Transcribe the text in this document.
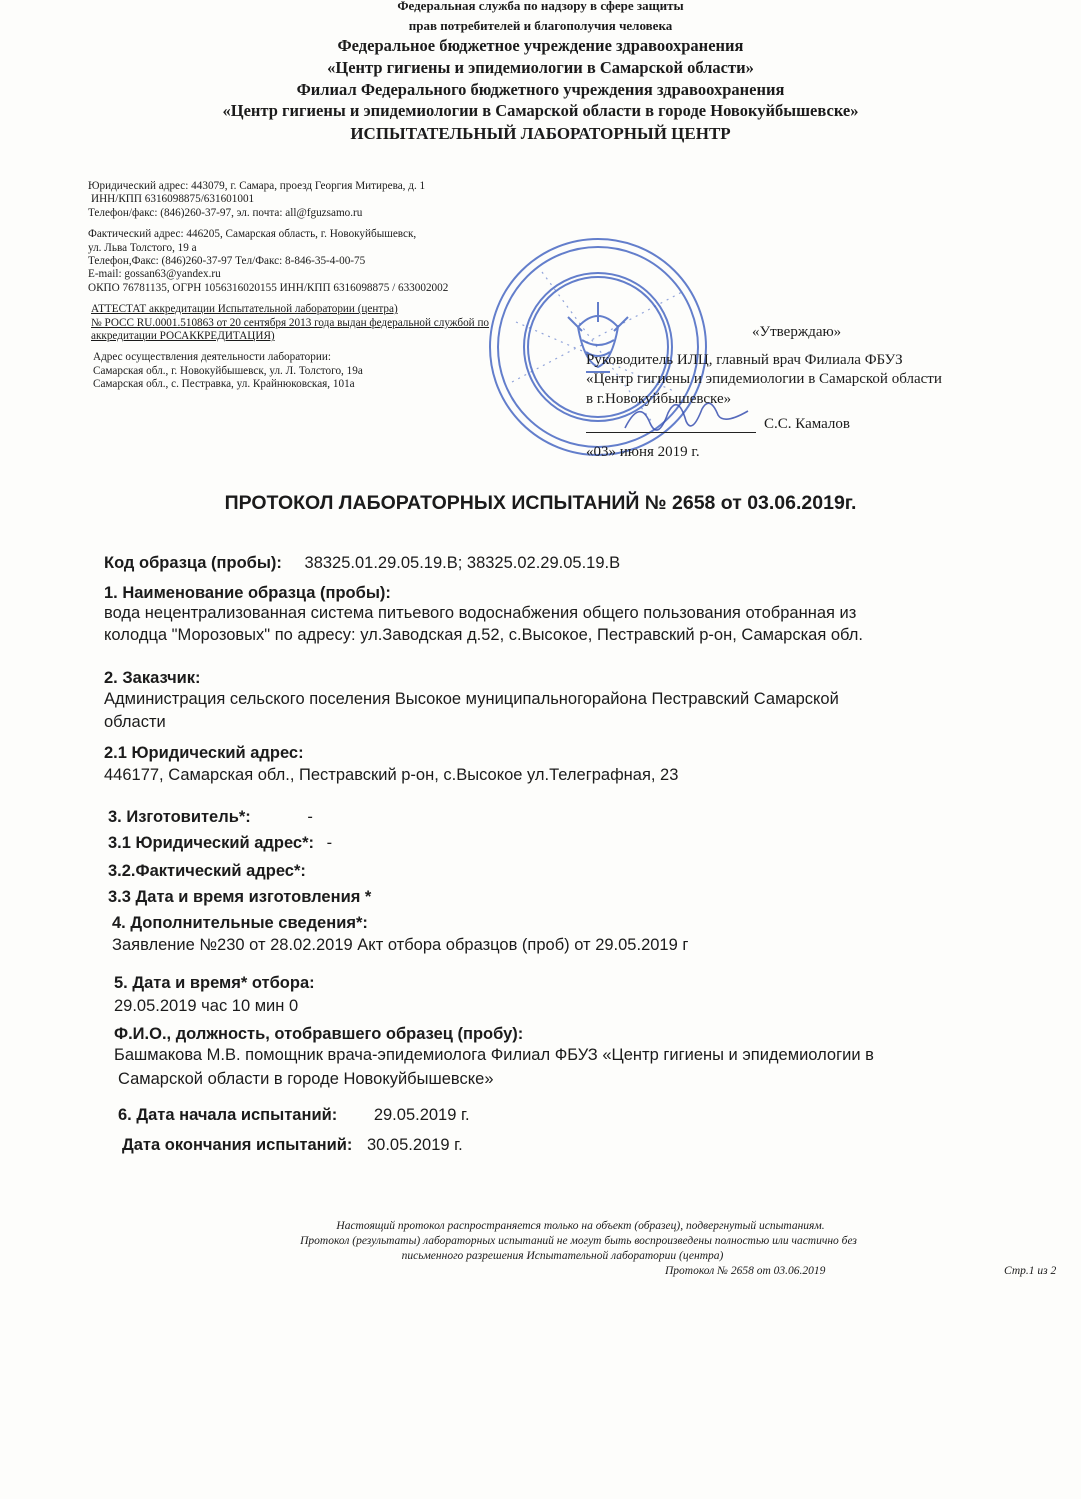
Федеральная служба по надзору в сфере защиты
прав потребителей и благополучия человека
Федеральное бюджетное учреждение здравоохранения
«Центр гигиены и эпидемиологии в Самарской области»
Филиал Федерального бюджетного учреждения здравоохранения
«Центр гигиены и эпидемиологии в Самарской области в городе Новокуйбышевске»
ИСПЫТАТЕЛЬНЫЙ ЛАБОРАТОРНЫЙ ЦЕНТР
Юридический адрес: 443079, г. Самара, проезд Георгия Митирева, д. 1
ИНН/КПП 6316098875/631601001
Телефон/факс: (846)260-37-97, эл. почта: all@fguzsamo.ru
Фактический адрес: 446205, Самарская область, г. Новокуйбышевск,
ул. Льва Толстого, 19 а
Телефон,Факс: (846)260-37-97 Тел/Факс: 8-846-35-4-00-75
E-mail: gossan63@yandex.ru
ОКПО 76781135, ОГРН 1056316020155 ИНН/КПП 6316098875 / 633002002
АТТЕСТАТ аккредитации Испытательной лаборатории (центра)
№ РОСС RU.0001.510863 от 20 сентября 2013 года выдан федеральной службой по
аккредитации РОСАККРЕДИТАЦИЯ)
Адрес осуществления деятельности лаборатории:
Самарская обл., г. Новокуйбышевск, ул. Л. Толстого, 19а
Самарская обл., с. Пестравка, ул. Крайнюковская, 101а
«Утверждаю»
Руководитель ИЛЦ, главный врач Филиала ФБУЗ
«Центр гигиены и эпидемиологии в Самарской области
в г.Новокуйбышевске»
С.С. Камалов
«03» июня 2019 г.
ПРОТОКОЛ ЛАБОРАТОРНЫХ ИСПЫТАНИЙ № 2658 от 03.06.2019г.
Код образца (пробы): 38325.01.29.05.19.В; 38325.02.29.05.19.В
1. Наименование образца (пробы):
вода нецентрализованная система питьевого водоснабжения общего пользования отобранная из
колодца "Морозовых" по адресу: ул.Заводская д.52, с.Высокое, Пестравский р-он, Самарская обл.
2. Заказчик:
Администрация сельского поселения Высокое муниципальногорайона Пестравский Самарской
области
2.1 Юридический адрес:
446177, Самарская обл., Пестравский р-он, с.Высокое ул.Телеграфная, 23
3. Изготовитель*:	-
3.1 Юридический адрес*: -
3.2.Фактический адрес*:
3.3 Дата и время изготовления *
4. Дополнительные сведения*:
Заявление №230 от 28.02.2019 Акт отбора образцов (проб) от 29.05.2019 г
5. Дата и время* отбора:
29.05.2019 час 10 мин 0
Ф.И.О., должность, отобравшего образец (пробу):
Башмакова М.В. помощник врача-эпидемиолога Филиал ФБУЗ «Центр гигиены и эпидемиологии в
Самарской области в городе Новокуйбышевске»
6. Дата начала испытаний: 29.05.2019 г.
Дата окончания испытаний: 30.05.2019 г.
Настоящий протокол распространяется только на объект (образец), подвергнутый испытаниям.
Протокол (результаты) лабораторных испытаний не могут быть воспроизведены полностью или частично без
письменного разрешения Испытательной лаборатории (центра)
Протокол № 2658 от 03.06.2019	Стр.1 из 2
